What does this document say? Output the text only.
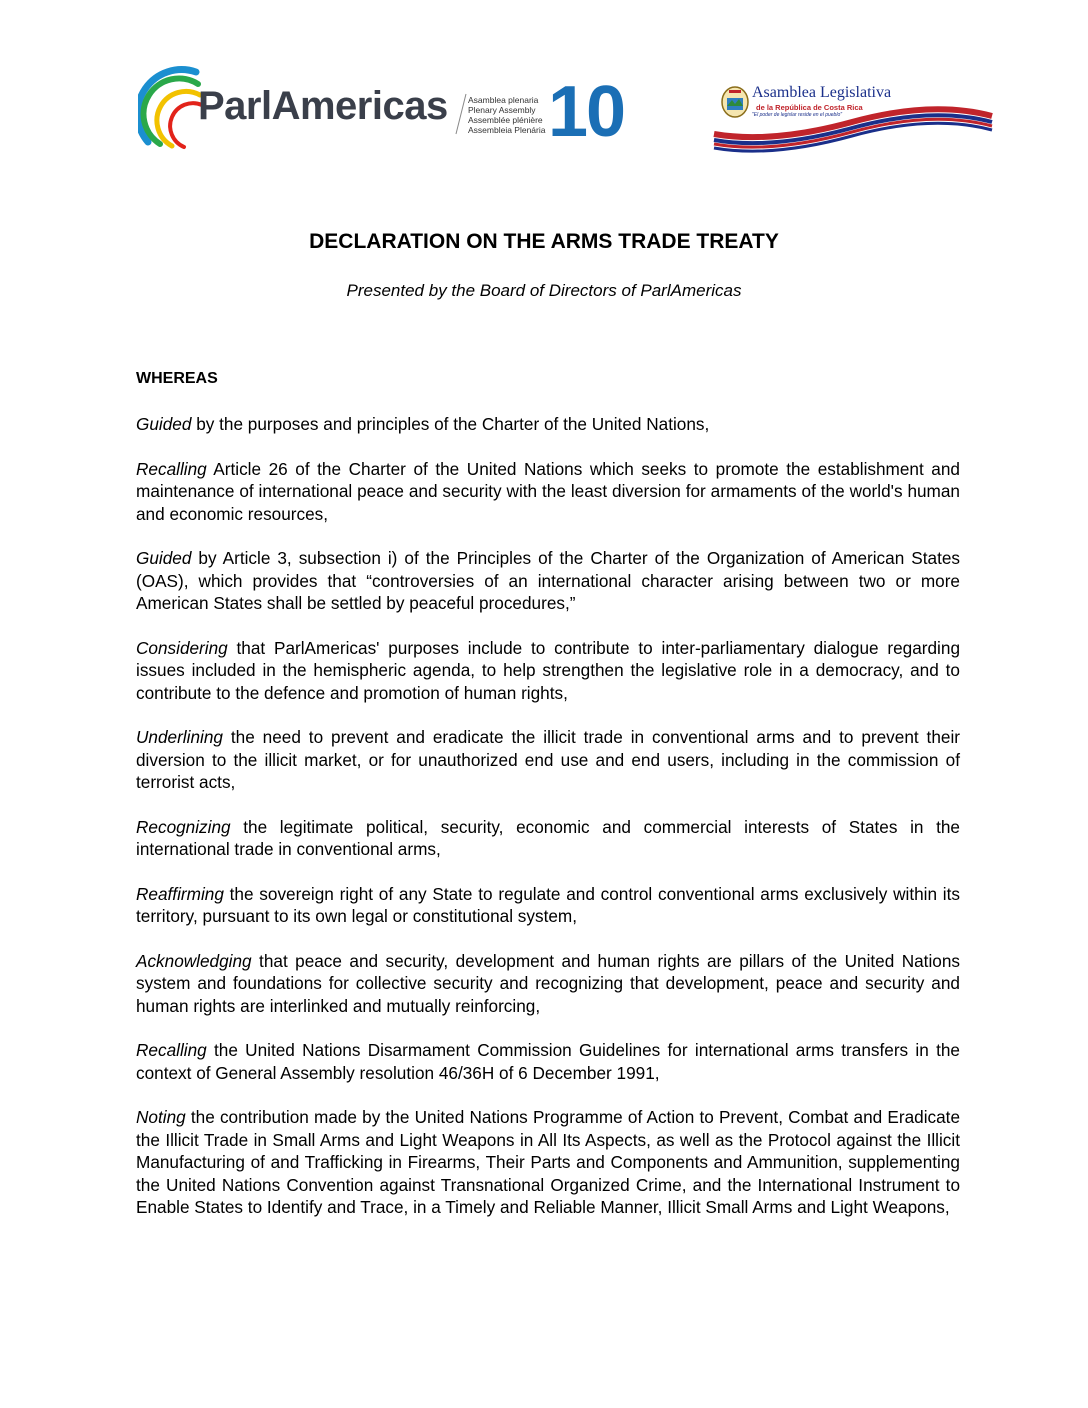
ParlAmericas Asamblea plenaria
Plenary Assembly
Assemblée plénière
Assembleia Plenária 10	Asamblea Legislativa
de la República de Costa Rica
"El poder de legislar reside en el pueblo"
DECLARATION ON THE ARMS TRADE TREATY

Presented by the Board of Directors of ParlAmericas

WHEREAS

Guided by the purposes and principles of the Charter of the United Nations,

Recalling Article 26 of the Charter of the United Nations which seeks to promote the establishment and maintenance of international peace and security with the least diversion for armaments of the world's human and economic resources,

Guided by Article 3, subsection i) of the Principles of the Charter of the Organization of American States (OAS), which provides that “controversies of an international character arising between two or more American States shall be settled by peaceful procedures,”

Considering that ParlAmericas' purposes include to contribute to inter-parliamentary dialogue regarding issues included in the hemispheric agenda, to help strengthen the legislative role in a democracy, and to contribute to the defence and promotion of human rights,

Underlining the need to prevent and eradicate the illicit trade in conventional arms and to prevent their diversion to the illicit market, or for unauthorized end use and end users, including in the commission of terrorist acts,

Recognizing the legitimate political, security, economic and commercial interests of States in the international trade in conventional arms,

Reaffirming the sovereign right of any State to regulate and control conventional arms exclusively within its territory, pursuant to its own legal or constitutional system,

Acknowledging that peace and security, development and human rights are pillars of the United Nations system and foundations for collective security and recognizing that development, peace and security and human rights are interlinked and mutually reinforcing,

Recalling the United Nations Disarmament Commission Guidelines for international arms transfers in the context of General Assembly resolution 46/36H of 6 December 1991,

Noting the contribution made by the United Nations Programme of Action to Prevent, Combat and Eradicate the Illicit Trade in Small Arms and Light Weapons in All Its Aspects, as well as the Protocol against the Illicit Manufacturing of and Trafficking in Firearms, Their Parts and Components and Ammunition, supplementing the United Nations Convention against Transnational Organized Crime, and the International Instrument to Enable States to Identify and Trace, in a Timely and Reliable Manner, Illicit Small Arms and Light Weapons,
